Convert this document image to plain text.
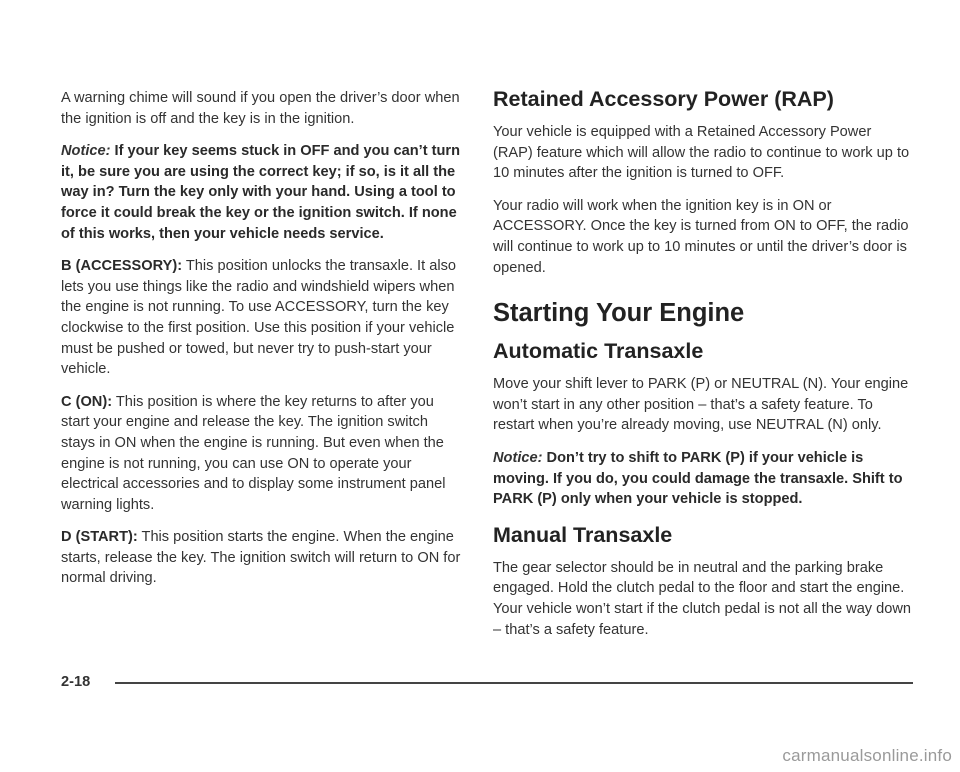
A warning chime will sound if you open the driver’s door when the ignition is off and the key is in the ignition.

Notice: If your key seems stuck in OFF and you can’t turn it, be sure you are using the correct key; if so, is it all the way in? Turn the key only with your hand. Using a tool to force it could break the key or the ignition switch. If none of this works, then your vehicle needs service.

B (ACCESSORY): This position unlocks the transaxle. It also lets you use things like the radio and windshield wipers when the engine is not running. To use ACCESSORY, turn the key clockwise to the first position. Use this position if your vehicle must be pushed or towed, but never try to push-start your vehicle.

C (ON): This position is where the key returns to after you start your engine and release the key. The ignition switch stays in ON when the engine is running. But even when the engine is not running, you can use ON to operate your electrical accessories and to display some instrument panel warning lights.

D (START): This position starts the engine. When the engine starts, release the key. The ignition switch will return to ON for normal driving.

Retained Accessory Power (RAP)

Your vehicle is equipped with a Retained Accessory Power (RAP) feature which will allow the radio to continue to work up to 10 minutes after the ignition is turned to OFF.

Your radio will work when the ignition key is in ON or ACCESSORY. Once the key is turned from ON to OFF, the radio will continue to work up to 10 minutes or until the driver’s door is opened.

Starting Your Engine
Automatic Transaxle

Move your shift lever to PARK (P) or NEUTRAL (N). Your engine won’t start in any other position – that’s a safety feature. To restart when you’re already moving, use NEUTRAL (N) only.

Notice: Don’t try to shift to PARK (P) if your vehicle is moving. If you do, you could damage the transaxle. Shift to PARK (P) only when your vehicle is stopped.

Manual Transaxle

The gear selector should be in neutral and the parking brake engaged. Hold the clutch pedal to the floor and start the engine. Your vehicle won’t start if the clutch pedal is not all the way down – that’s a safety feature.

2-18
carmanualsonline.info
